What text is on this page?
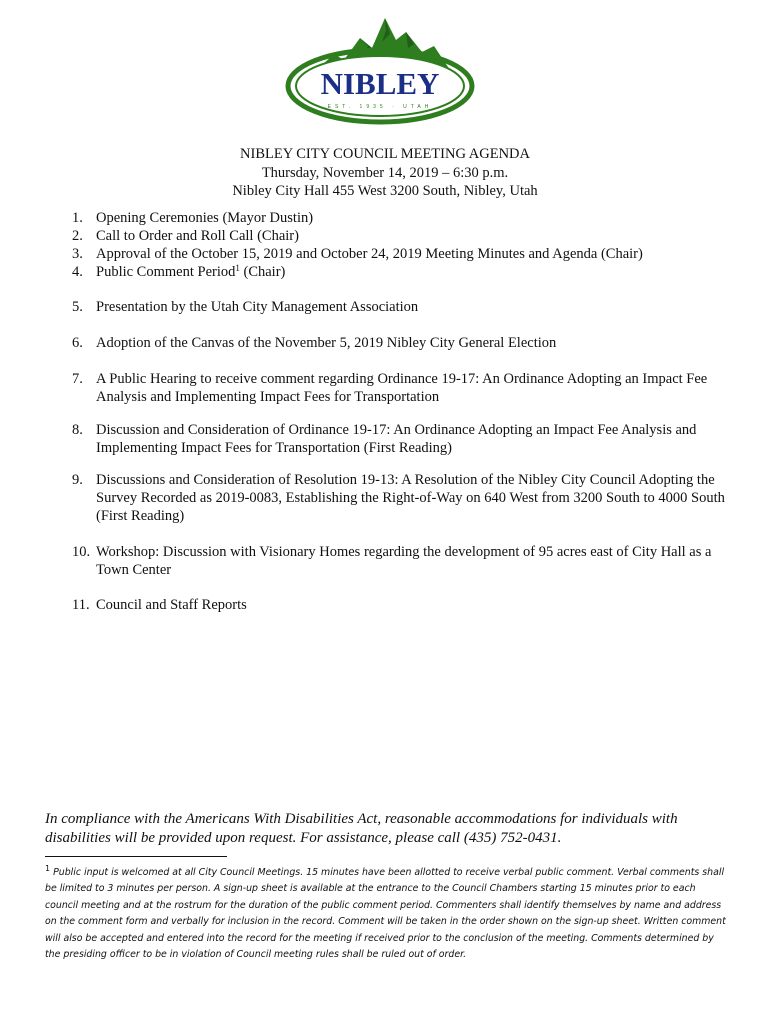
NIBLEY
EST. 1935 · UTAH
NIBLEY CITY COUNCIL MEETING AGENDA
Thursday, November 14, 2019 – 6:30 p.m.
Nibley City Hall 455 West 3200 South, Nibley, Utah
1. Opening Ceremonies (Mayor Dustin)
2. Call to Order and Roll Call (Chair)
3. Approval of the October 15, 2019 and October 24, 2019 Meeting Minutes and Agenda (Chair)
4. Public Comment Period$^1$ (Chair)
5. Presentation by the Utah City Management Association
6. Adoption of the Canvas of the November 5, 2019 Nibley City General Election
7. A Public Hearing to receive comment regarding Ordinance 19-17: An Ordinance Adopting an Impact Fee Analysis and Implementing Impact Fees for Transportation
8. Discussion and Consideration of Ordinance 19-17: An Ordinance Adopting an Impact Fee Analysis and Implementing Impact Fees for Transportation (First Reading)
9. Discussions and Consideration of Resolution 19-13: A Resolution of the Nibley City Council Adopting the Survey Recorded as 2019-0083, Establishing the Right-of-Way on 640 West from 3200 South to 4000 South (First Reading)
10. Workshop: Discussion with Visionary Homes regarding the development of 95 acres east of City Hall as a Town Center
11. Council and Staff Reports
In compliance with the Americans With Disabilities Act, reasonable accommodations for individuals with disabilities will be provided upon request. For assistance, please call (435) 752-0431.
1 Public input is welcomed at all City Council Meetings. 15 minutes have been allotted to receive verbal public comment. Verbal comments shall be limited to 3 minutes per person. A sign-up sheet is available at the entrance to the Council Chambers starting 15 minutes prior to each council meeting and at the rostrum for the duration of the public comment period. Commenters shall identify themselves by name and address on the comment form and verbally for inclusion in the record. Comment will be taken in the order shown on the sign-up sheet. Written comment will also be accepted and entered into the record for the meeting if received prior to the conclusion of the meeting. Comments determined by the presiding officer to be in violation of Council meeting rules shall be ruled out of order.
